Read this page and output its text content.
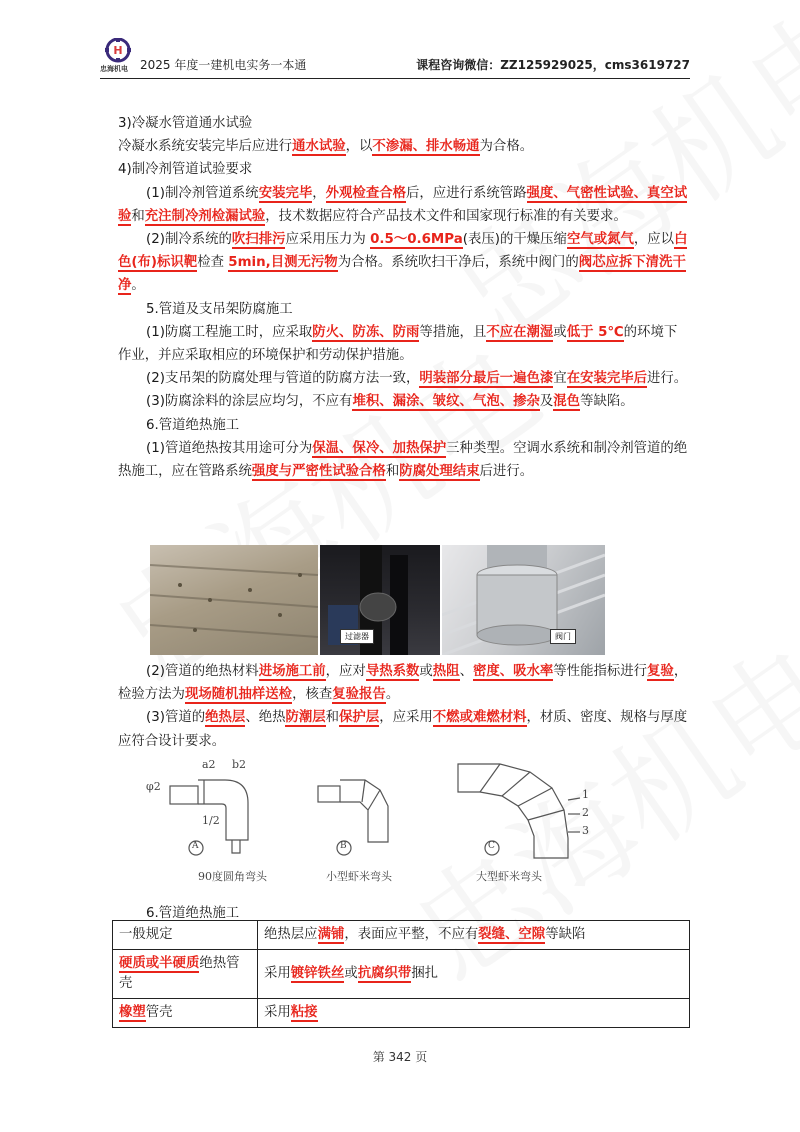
H
忠海机电 2025 年度一建机电实务一本通	课程咨询微信：ZZ125929025，cms3619727

3)冷凝水管道通水试验

冷凝水系统安装完毕后应进行通水试验，以不渗漏、排水畅通为合格。

4)制冷剂管道试验要求

(1)制冷剂管道系统安装完毕，外观检查合格后，应进行系统管路强度、气密性试验、真空试验和充注制冷剂检漏试验，技术数据应符合产品技术文件和国家现行标准的有关要求。

(2)制冷系统的吹扫排污应采用压力为 0.5～0.6MPa(表压)的干燥压缩空气或氮气，应以白色(布)标识靶检查 5min,目测无污物为合格。系统吹扫干净后，系统中阀门的阀芯应拆下清洗干净。

5.管道及支吊架防腐施工

(1)防腐工程施工时，应采取防火、防冻、防雨等措施，且不应在潮湿或低于 5℃的环境下作业，并应采取相应的环境保护和劳动保护措施。

(2)支吊架的防腐处理与管道的防腐方法一致，明装部分最后一遍色漆宜在安装完毕后进行。

(3)防腐涂料的涂层应均匀，不应有堆积、漏涂、皱纹、气泡、掺杂及混色等缺陷。

6.管道绝热施工

(1)管道绝热按其用途可分为保温、保冷、加热保护三种类型。空调水系统和制冷剂管道的绝热施工，应在管路系统强度与严密性试验合格和防腐处理结束后进行。

过滤器	阀门

(2)管道的绝热材料进场施工前，应对导热系数或热阻、密度、吸水率等性能指标进行复验，检验方法为现场随机抽样送检，核查复验报告。

(3)管道的绝热层、绝热防潮层和保护层，应采用不燃或难燃材料，材质、密度、规格与厚度应符合设计要求。

a2 b2
1/2
φ2
A	B	C
1
2
3
90度圆角弯头	小型虾米弯头	大型虾米弯头
6.管道绝热施工
一般规定	绝热层应满铺，表面应平整，不应有裂缝、空隙等缺陷
硬质或半硬质绝热管壳	采用镀锌铁丝或抗腐织带捆扎
橡塑管壳	采用粘接
第 342 页
